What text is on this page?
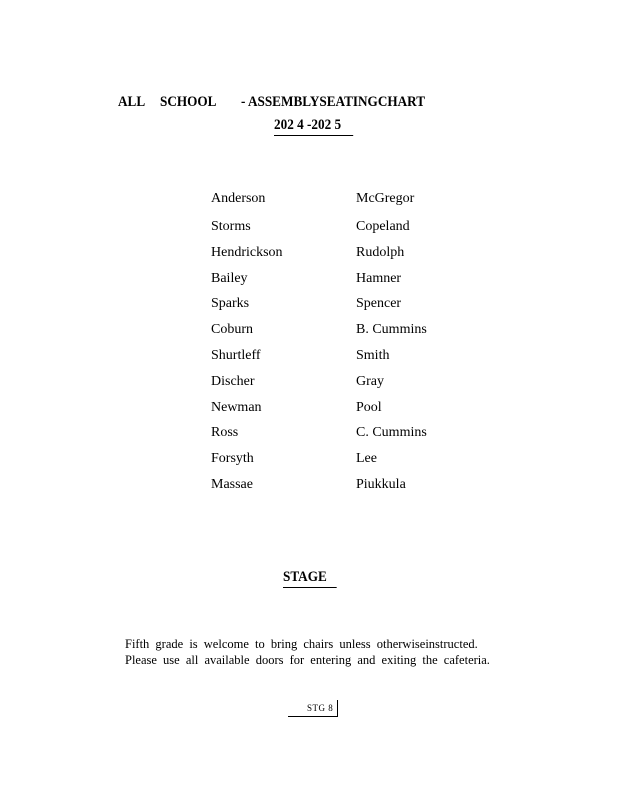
ALL SCHOOL - ASSEMBLYSEATINGCHART
202 4 -202 5
Anderson	McGregor
Storms	Copeland
Hendrickson	Rudolph
Bailey	Hamner
Sparks	Spencer
Coburn	B. Cummins
Shurtleff	Smith
Discher	Gray
Newman	Pool
Ross	C. Cummins
Forsyth	Lee
Massae	Piukkula
STAGE
Fifth grade is welcome to bring chairs unless otherwiseinstructed.
Please use all available doors for entering and exiting the cafeteria.
STG 8
